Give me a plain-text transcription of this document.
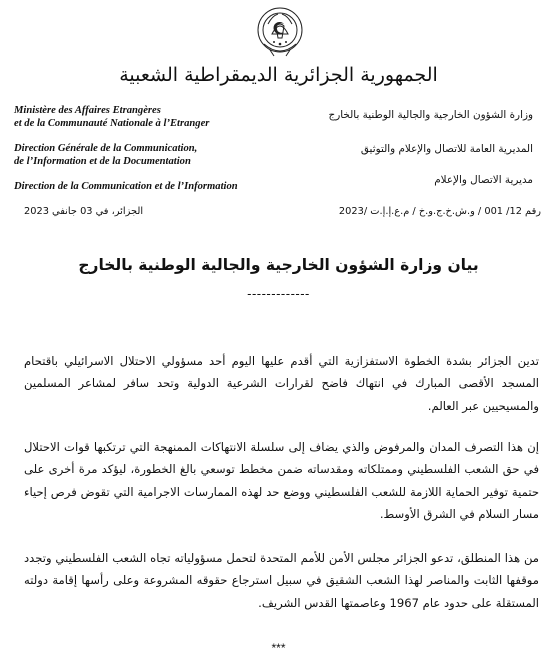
الجمهورية الجزائرية الديمقراطية الشعبية
Ministère des Affaires Etrangères
et de la Communauté Nationale à l’Etranger
Direction Générale de la Communication,
de l’Information et de la Documentation
Direction de la Communication et de l’Information
وزارة الشؤون الخارجية والجالية الوطنية بالخارج
المديرية العامة للاتصال والإعلام والتوثيق
مديرية الاتصال والإعلام
رقم 12/ 001 / و.ش.خ.ج.و.خ / م.ع.إ.إ.ت /2023
الجزائر، في 03 جانفي 2023
بيان وزارة الشؤون الخارجية والجالية الوطنية بالخارج
-------------
تدين الجزائر بشدة الخطوة الاستفزازية التي أقدم عليها اليوم أحد مسؤولي الاحتلال الاسرائيلي باقتحام المسجد الأقصى المبارك في انتهاك فاضح لقرارات الشرعية الدولية وتحد سافر لمشاعر المسلمين والمسيحيين عبر العالم.
إن هذا التصرف المدان والمرفوض والذي يضاف إلى سلسلة الانتهاكات الممنهجة التي ترتكبها قوات الاحتلال في حق الشعب الفلسطيني وممتلكاته ومقدساته ضمن مخطط توسعي بالغ الخطورة، ليؤكد مرة أخرى على حتمية توفير الحماية اللازمة للشعب الفلسطيني ووضع حد لهذه الممارسات الاجرامية التي تقوض فرص إحياء مسار السلام في الشرق الأوسط.
من هذا المنطلق، تدعو الجزائر مجلس الأمن للأمم المتحدة لتحمل مسؤولياته تجاه الشعب الفلسطيني وتجدد موقفها الثابت والمناصر لهذا الشعب الشقيق في سبيل استرجاع حقوقه المشروعة وعلى رأسها إقامة دولته المستقلة على حدود عام 1967 وعاصمتها القدس الشريف.
***
